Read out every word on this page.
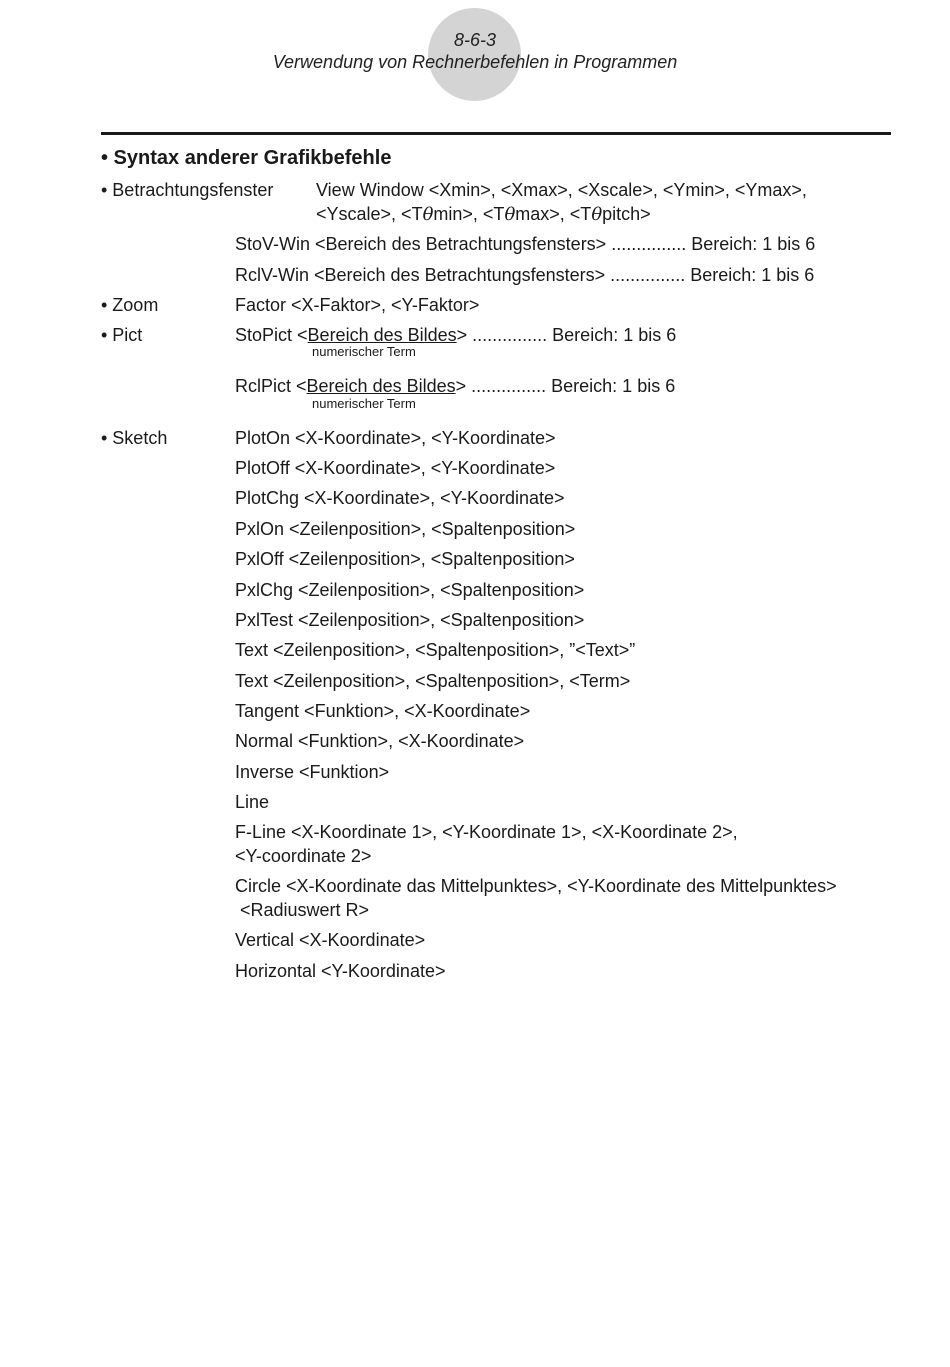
8-6-3
Verwendung von Rechnerbefehlen in Programmen
• Syntax anderer Grafikbefehle
• Betrachtungsfenster View Window <Xmin>, <Xmax>, <Xscale>, <Ymin>, <Ymax>,
<Yscale>, <Tθmin>, <Tθmax>, <Tθpitch>
StoV-Win <Bereich des Betrachtungsfensters> ............... Bereich: 1 bis 6
RclV-Win <Bereich des Betrachtungsfensters> ............... Bereich: 1 bis 6
• Zoom	Factor <X-Faktor>, <Y-Faktor>
• Pict	StoPict <Bereich des Bildes> ............... Bereich: 1 bis 6
numerischer Term
RclPict <Bereich des Bildes> ............... Bereich: 1 bis 6
numerischer Term
• Sketch	PlotOn <X-Koordinate>, <Y-Koordinate>
PlotOff <X-Koordinate>, <Y-Koordinate>
PlotChg <X-Koordinate>, <Y-Koordinate>
PxlOn <Zeilenposition>, <Spaltenposition>
PxlOff <Zeilenposition>, <Spaltenposition>
PxlChg <Zeilenposition>, <Spaltenposition>
PxlTest <Zeilenposition>, <Spaltenposition>
Text <Zeilenposition>, <Spaltenposition>, ”<Text>”
Text <Zeilenposition>, <Spaltenposition>, <Term>
Tangent <Funktion>, <X-Koordinate>
Normal <Funktion>, <X-Koordinate>
Inverse <Funktion>
Line
F-Line <X-Koordinate 1>, <Y-Koordinate 1>, <X-Koordinate 2>,
<Y-coordinate 2>
Circle <X-Koordinate das Mittelpunktes>, <Y-Koordinate des Mittelpunktes>
<Radiuswert R>
Vertical <X-Koordinate>
Horizontal <Y-Koordinate>
